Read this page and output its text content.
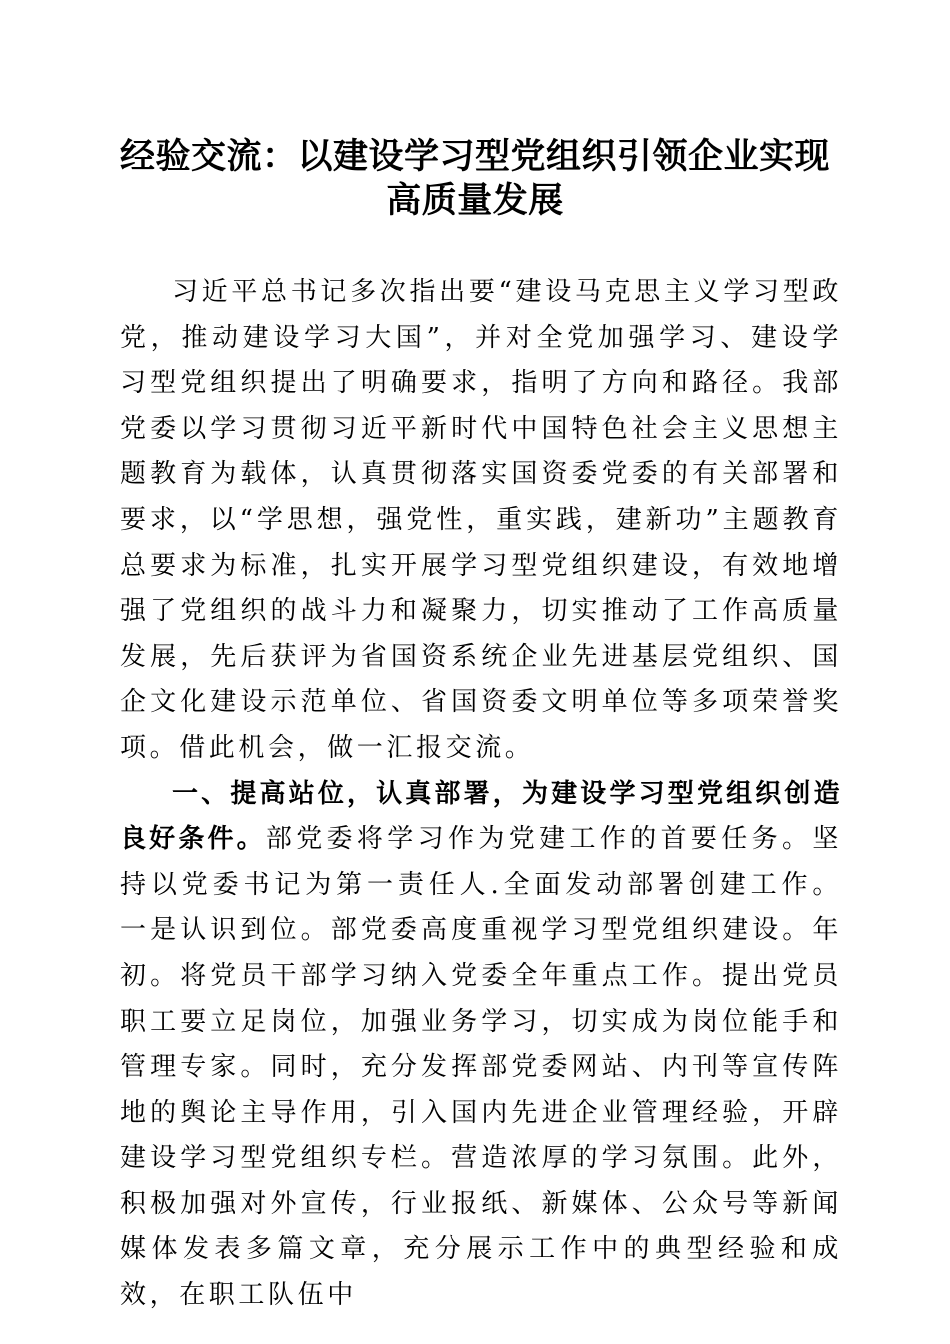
经验交流：以建设学习型党组织引领企业实现
高质量发展

习近平总书记多次指出要“建设马克思主义学习型政党，推动建设学习大国”，并对全党加强学习、建设学习型党组织提出了明确要求，指明了方向和路径。我部党委以学习贯彻习近平新时代中国特色社会主义思想主题教育为载体，认真贯彻落实国资委党委的有关部署和要求，以“学思想，强党性，重实践，建新功”主题教育总要求为标准，扎实开展学习型党组织建设，有效地增强了党组织的战斗力和凝聚力，切实推动了工作高质量发展，先后获评为省国资系统企业先进基层党组织、国企文化建设示范单位、省国资委文明单位等多项荣誉奖项。借此机会，做一汇报交流。

一、提高站位，认真部署，为建设学习型党组织创造良好条件。部党委将学习作为党建工作的首要任务。坚持以党委书记为第一责任人.全面发动部署创建工作。一是认识到位。部党委高度重视学习型党组织建设。年初。将党员干部学习纳入党委全年重点工作。提出党员职工要立足岗位，加强业务学习，切实成为岗位能手和管理专家。同时，充分发挥部党委网站、内刊等宣传阵地的舆论主导作用，引入国内先进企业管理经验，开辟建设学习型党组织专栏。营造浓厚的学习氛围。此外，积极加强对外宣传，行业报纸、新媒体、公众号等新闻媒体发表多篇文章，充分展示工作中的典型经验和成效，在职工队伍中
